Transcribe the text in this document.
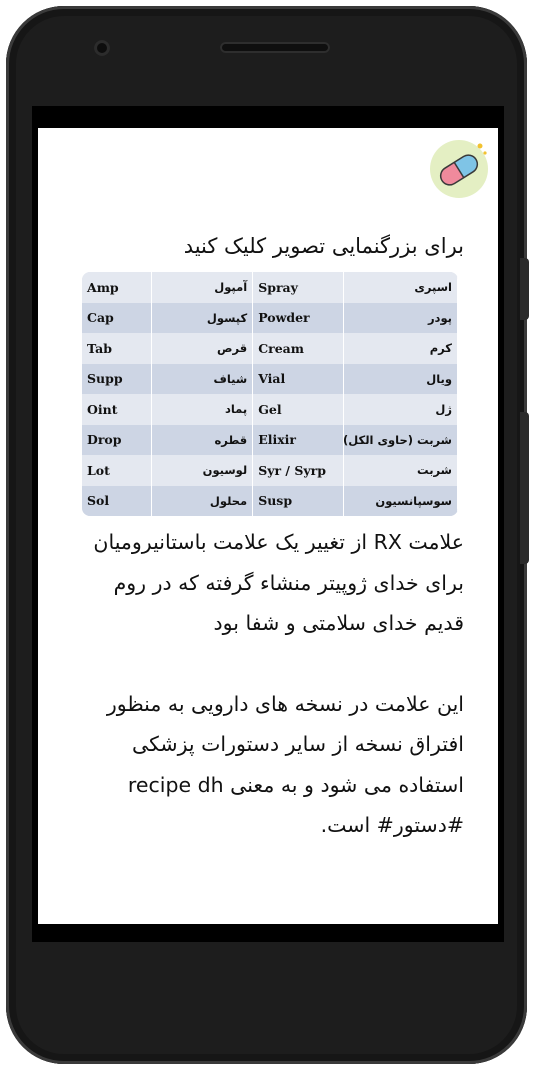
برای بزرگنمایی تصویر کلیک کنید
Amp	آمپول	Spray	اسپری
Cap	کپسول	Powder	پودر
Tab	قرص	Cream	کرم
Supp	شیاف	Vial	ویال
Oint	پماد	Gel	ژل
Drop	قطره	Elixir	شربت (حاوی الکل)
Lot	لوسیون	Syr / Syrp	شربت
Sol	محلول	Susp	سوسپانسیون

علامت RX از تغییر یک علامت باستانیرومیان برای خدای ژوپیتر منشاء گرفته که در روم قدیم خدای سلامتی و شفا بود

این علامت در نسخه های دارویی به منظور افتراق نسخه از سایر دستورات پزشکی استفاده می شود و به معنی recipe dh #دستور# است.
